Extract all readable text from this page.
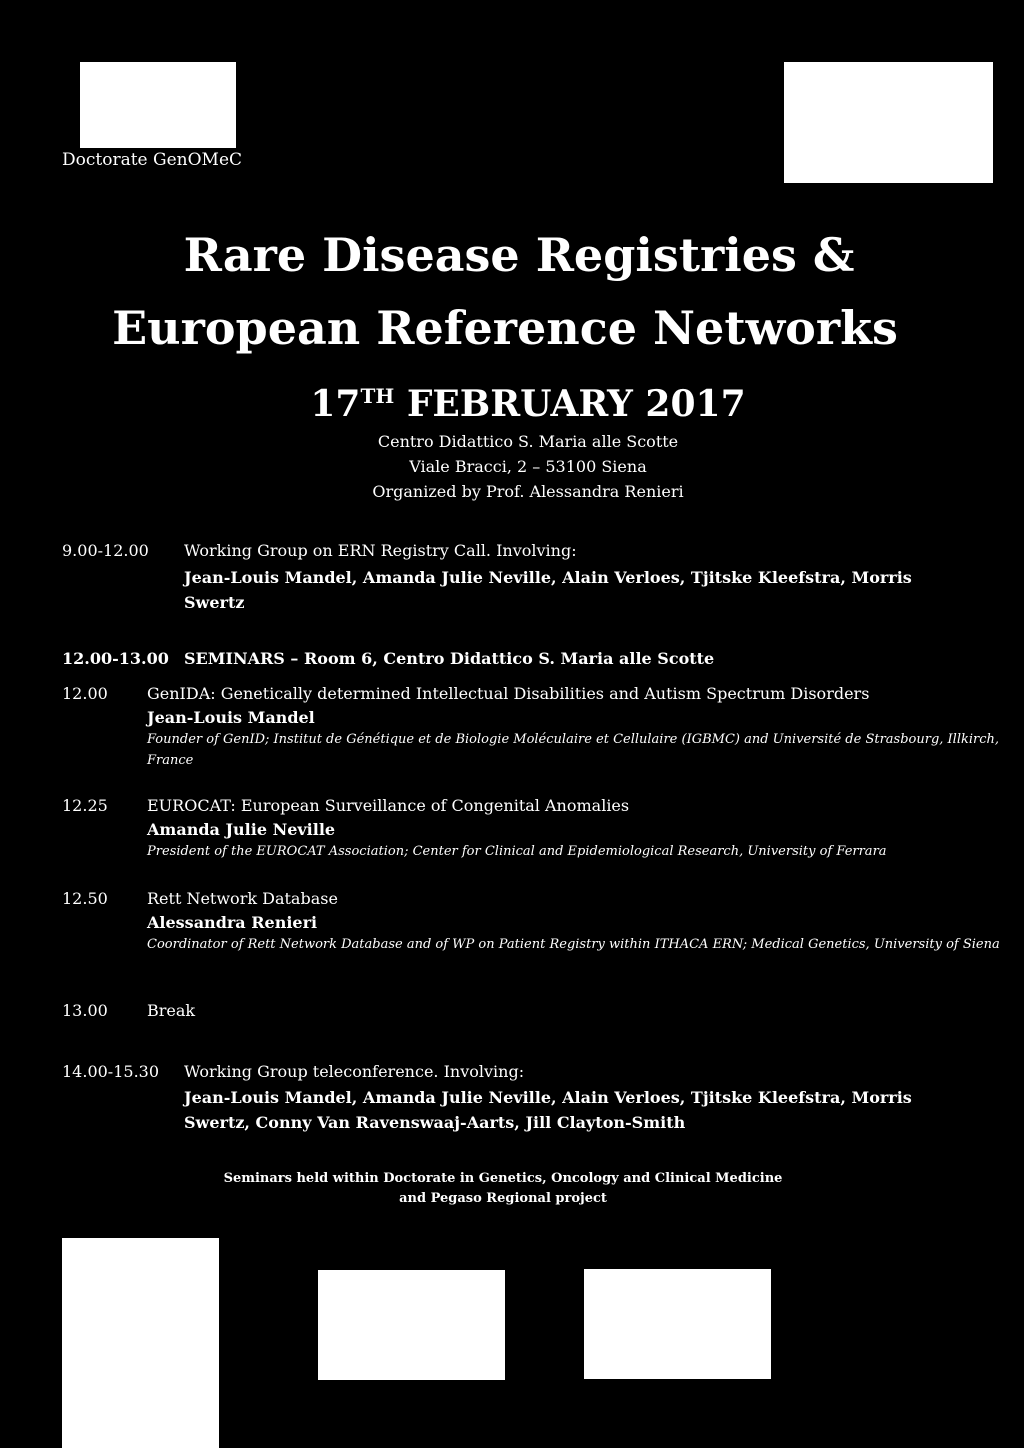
Doctorate GenOMeC
Rare Disease Registries &
European Reference Networks
17TH FEBRUARY 2017
Centro Didattico S. Maria alle Scotte
Viale Bracci, 2 – 53100 Siena
Organized by Prof. Alessandra Renieri
9.00-12.00 Working Group on ERN Registry Call. Involving:
Jean-Louis Mandel, Amanda Julie Neville, Alain Verloes, Tjitske Kleefstra, Morris Swertz
12.00-13.00 SEMINARS – Room 6, Centro Didattico S. Maria alle Scotte
12.00 GenIDA: Genetically determined Intellectual Disabilities and Autism Spectrum Disorders
Jean-Louis Mandel
Founder of GenID; Institut de Génétique et de Biologie Moléculaire et Cellulaire (IGBMC) and Université de Strasbourg, Illkirch, France
12.25 EUROCAT: European Surveillance of Congenital Anomalies
Amanda Julie Neville
President of the EUROCAT Association; Center for Clinical and Epidemiological Research, University of Ferrara
12.50 Rett Network Database
Alessandra Renieri
Coordinator of Rett Network Database and of WP on Patient Registry within ITHACA ERN; Medical Genetics, University of Siena
13.00 Break
14.00-15.30 Working Group teleconference. Involving:
Jean-Louis Mandel, Amanda Julie Neville, Alain Verloes, Tjitske Kleefstra, Morris Swertz, Conny Van Ravenswaaj-Aarts, Jill Clayton-Smith
Seminars held within Doctorate in Genetics, Oncology and Clinical Medicine
and Pegaso Regional project
